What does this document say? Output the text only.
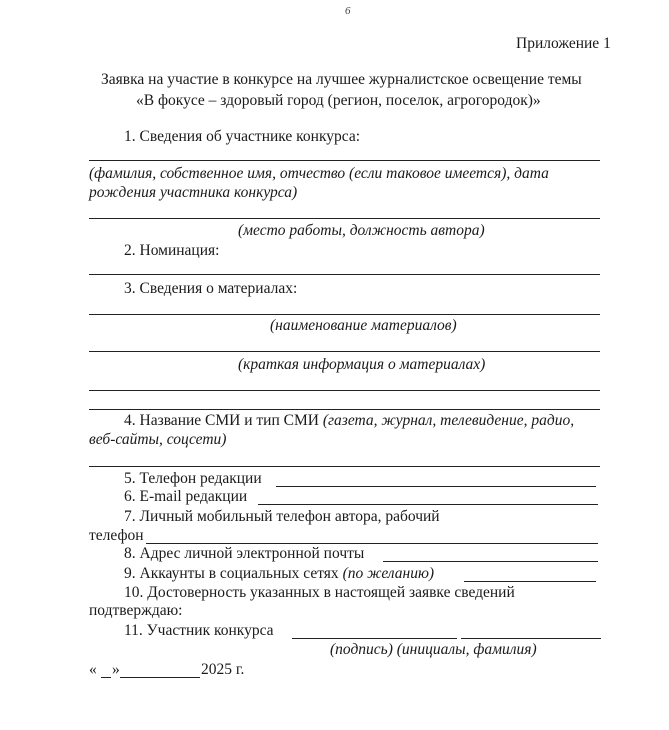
6
Приложение 1
Заявка на участие в конкурсе на лучшее журналистское освещение темы
«В фокусе – здоровый город (регион, поселок, агрогородок)»
1. Сведения об участнике конкурса:
(фамилия, собственное имя, отчество (если таковое имеется), дата
рождения участника конкурса)
(место работы, должность автора)
2. Номинация:
3. Сведения о материалах:
(наименование материалов)
(краткая информация о материалах)
4. Название СМИ и тип СМИ (газета, журнал, телевидение, радио,
веб-сайты, соцсети)
5. Телефон редакции
6. E-mail редакции
7. Личный мобильный телефон автора, рабочий
телефон
8. Адрес личной электронной почты
9. Аккаунты в социальных сетях (по желанию)
10. Достоверность указанных в настоящей заявке сведений
подтверждаю:
11. Участник конкурса
(подпись) (инициалы, фамилия)
« »	2025 г.
